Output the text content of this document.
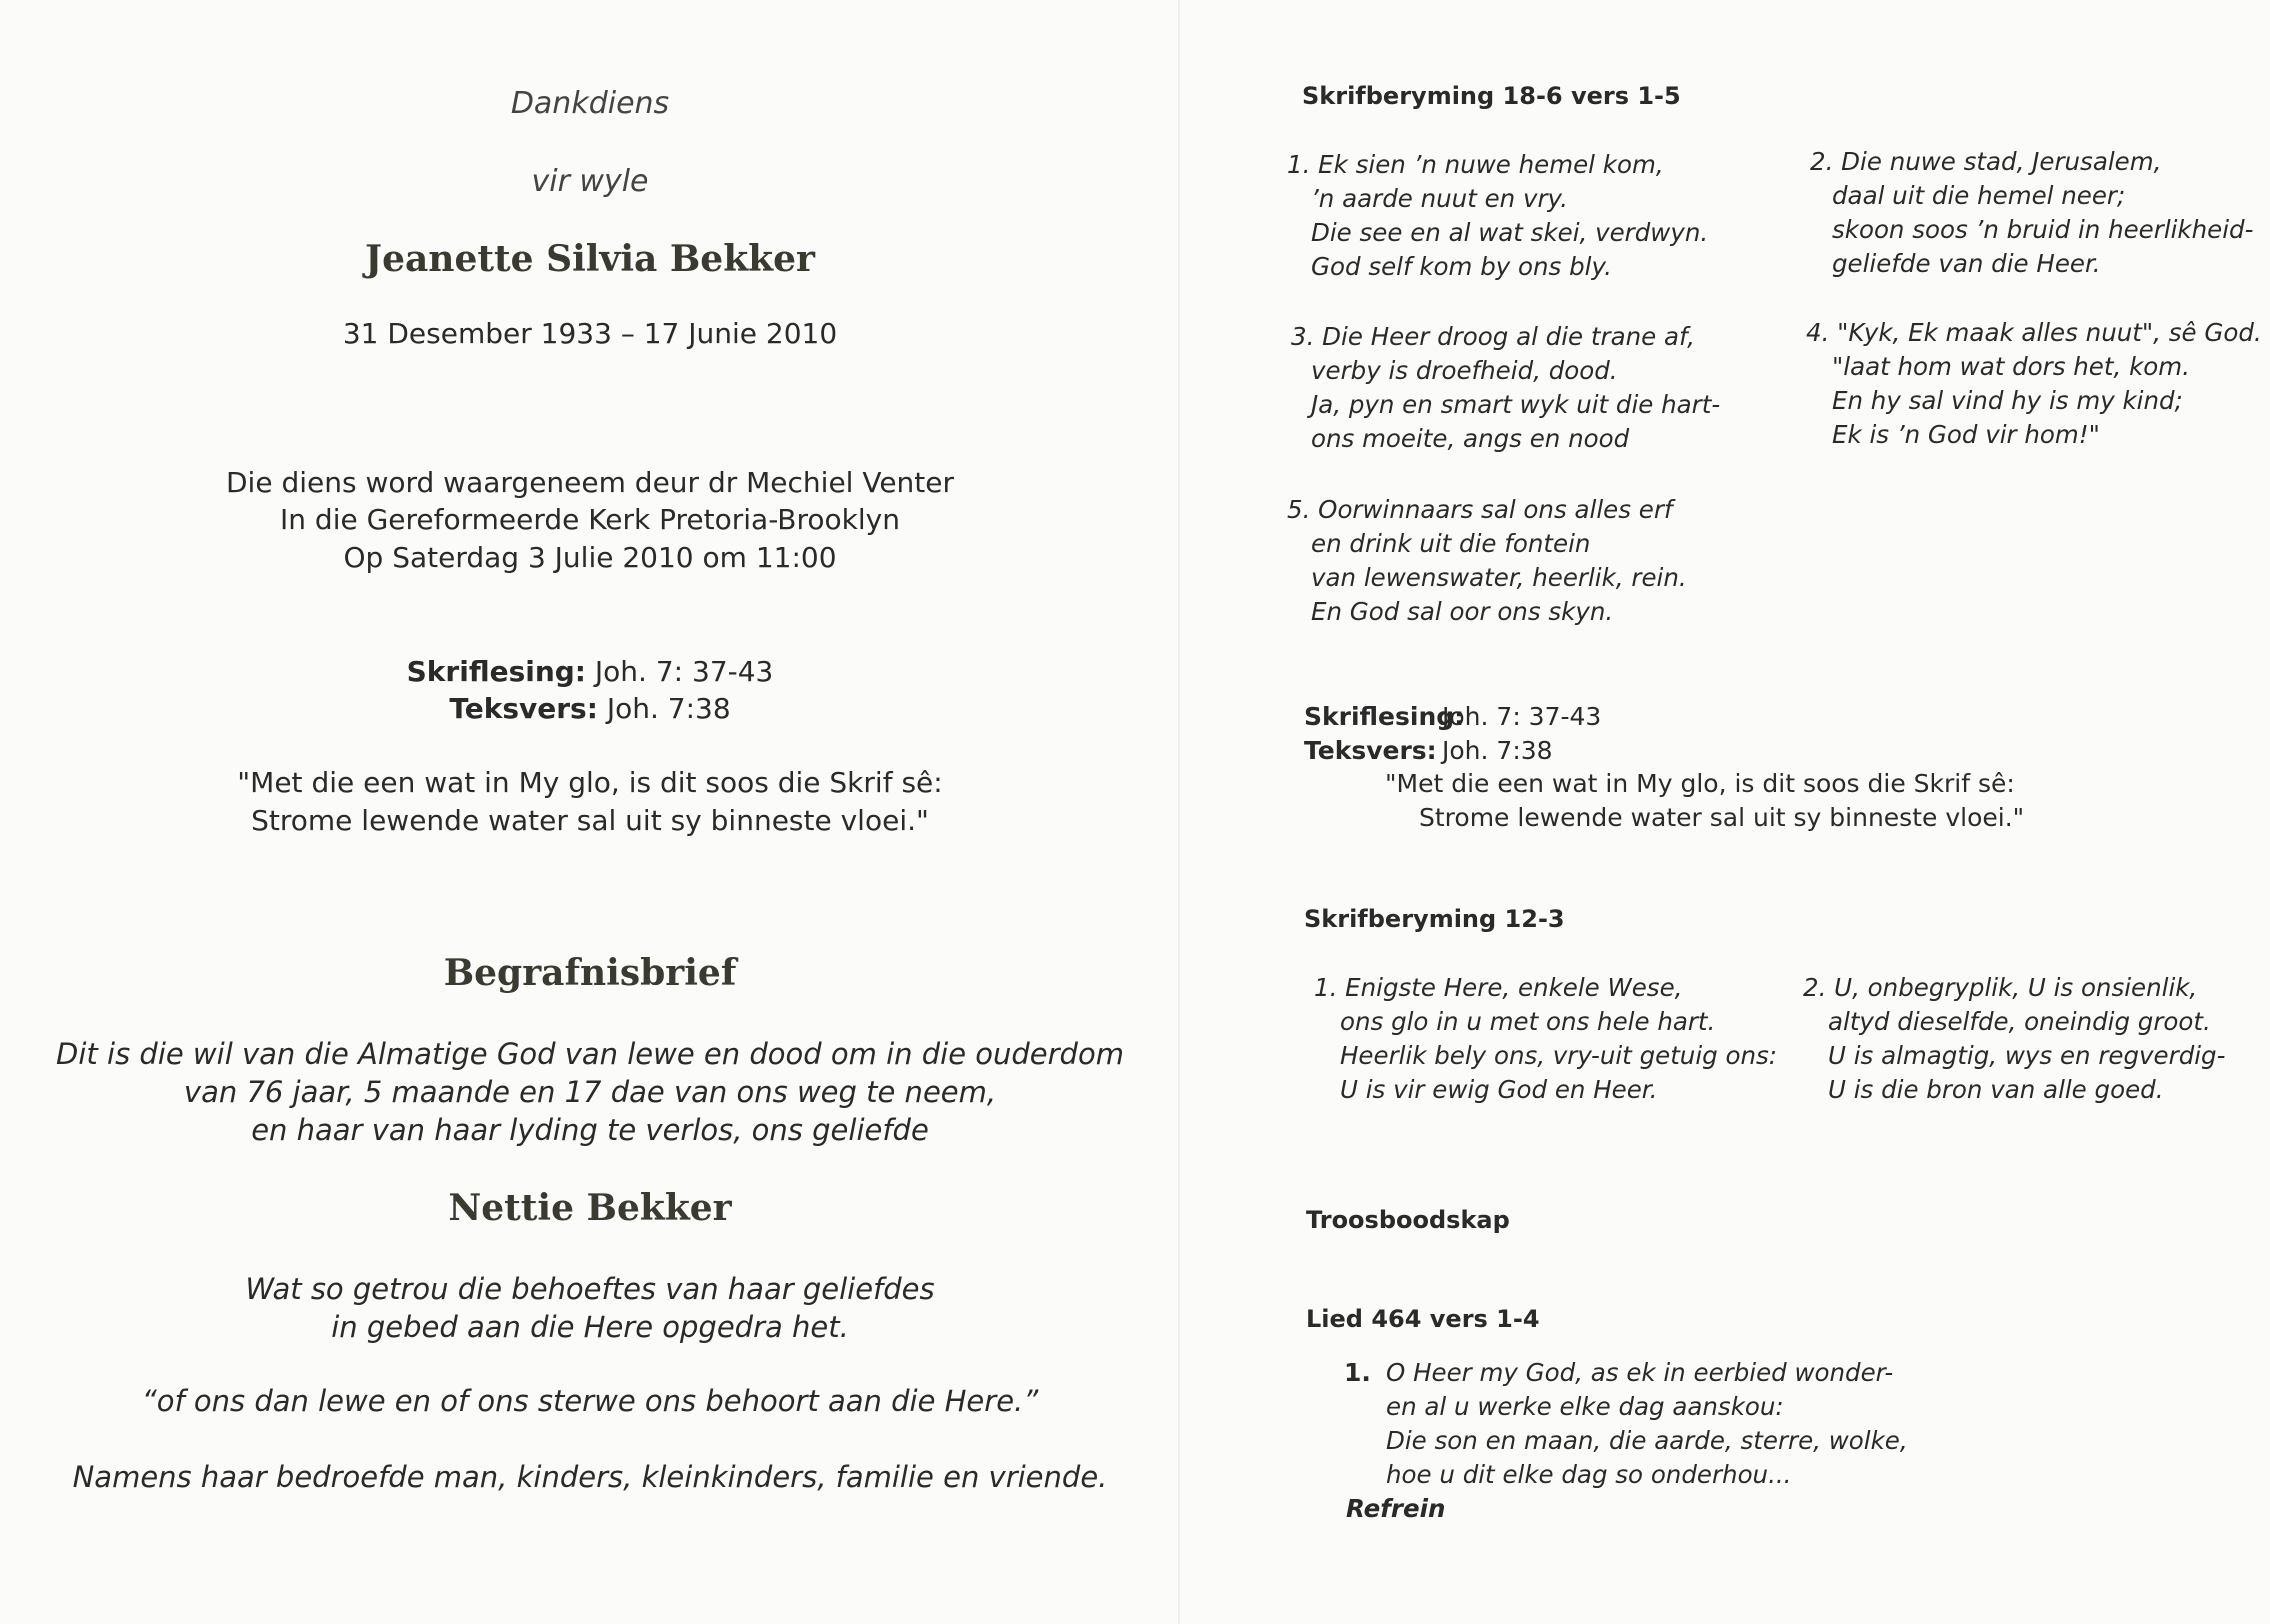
Dankdiens
vir wyle
Jeanette Silvia Bekker
31 Desember 1933 – 17 Junie 2010
Die diens word waargeneem deur dr Mechiel Venter
In die Gereformeerde Kerk Pretoria-Brooklyn
Op Saterdag 3 Julie 2010 om 11:00
Skriflesing: Joh. 7: 37-43
Teksvers: Joh. 7:38
"Met die een wat in My glo, is dit soos die Skrif sê:
Strome lewende water sal uit sy binneste vloei."
Begrafnisbrief
Dit is die wil van die Almatige God van lewe en dood om in die ouderdom
van 76 jaar, 5 maande en 17 dae van ons weg te neem,
en haar van haar lyding te verlos, ons geliefde
Nettie Bekker
Wat so getrou die behoeftes van haar geliefdes
in gebed aan die Here opgedra het.
“of ons dan lewe en of ons sterwe ons behoort aan die Here.”
Namens haar bedroefde man, kinders, kleinkinders, familie en vriende.
Skrifberyming 18-6 vers 1-5
1. Ek sien ’n nuwe hemel kom,
’n aarde nuut en vry.
Die see en al wat skei, verdwyn.
God self kom by ons bly.
2. Die nuwe stad, Jerusalem,
daal uit die hemel neer;
skoon soos ’n bruid in heerlikheid-
geliefde van die Heer.
3. Die Heer droog al die trane af,
verby is droefheid, dood.
Ja, pyn en smart wyk uit die hart-
ons moeite, angs en nood
4. "Kyk, Ek maak alles nuut", sê God.
"laat hom wat dors het, kom.
En hy sal vind hy is my kind;
Ek is ’n God vir hom!"
5. Oorwinnaars sal ons alles erf
en drink uit die fontein
van lewenswater, heerlik, rein.
En God sal oor ons skyn.
Skriflesing:
Joh. 7: 37-43
Teksvers: Joh. 7:38
"Met die een wat in My glo, is dit soos die Skrif sê:
Strome lewende water sal uit sy binneste vloei."
Skrifberyming 12-3
1. Enigste Here, enkele Wese,
ons glo in u met ons hele hart.
Heerlik bely ons, vry-uit getuig ons:
U is vir ewig God en Heer.
2. U, onbegryplik, U is onsienlik,
altyd dieselfde, oneindig groot.
U is almagtig, wys en regverdig-
U is die bron van alle goed.
Troosboodskap
Lied 464 vers 1-4
1. O Heer my God, as ek in eerbied wonder-
en al u werke elke dag aanskou:
Die son en maan, die aarde, sterre, wolke,
hoe u dit elke dag so onderhou...
Refrein
